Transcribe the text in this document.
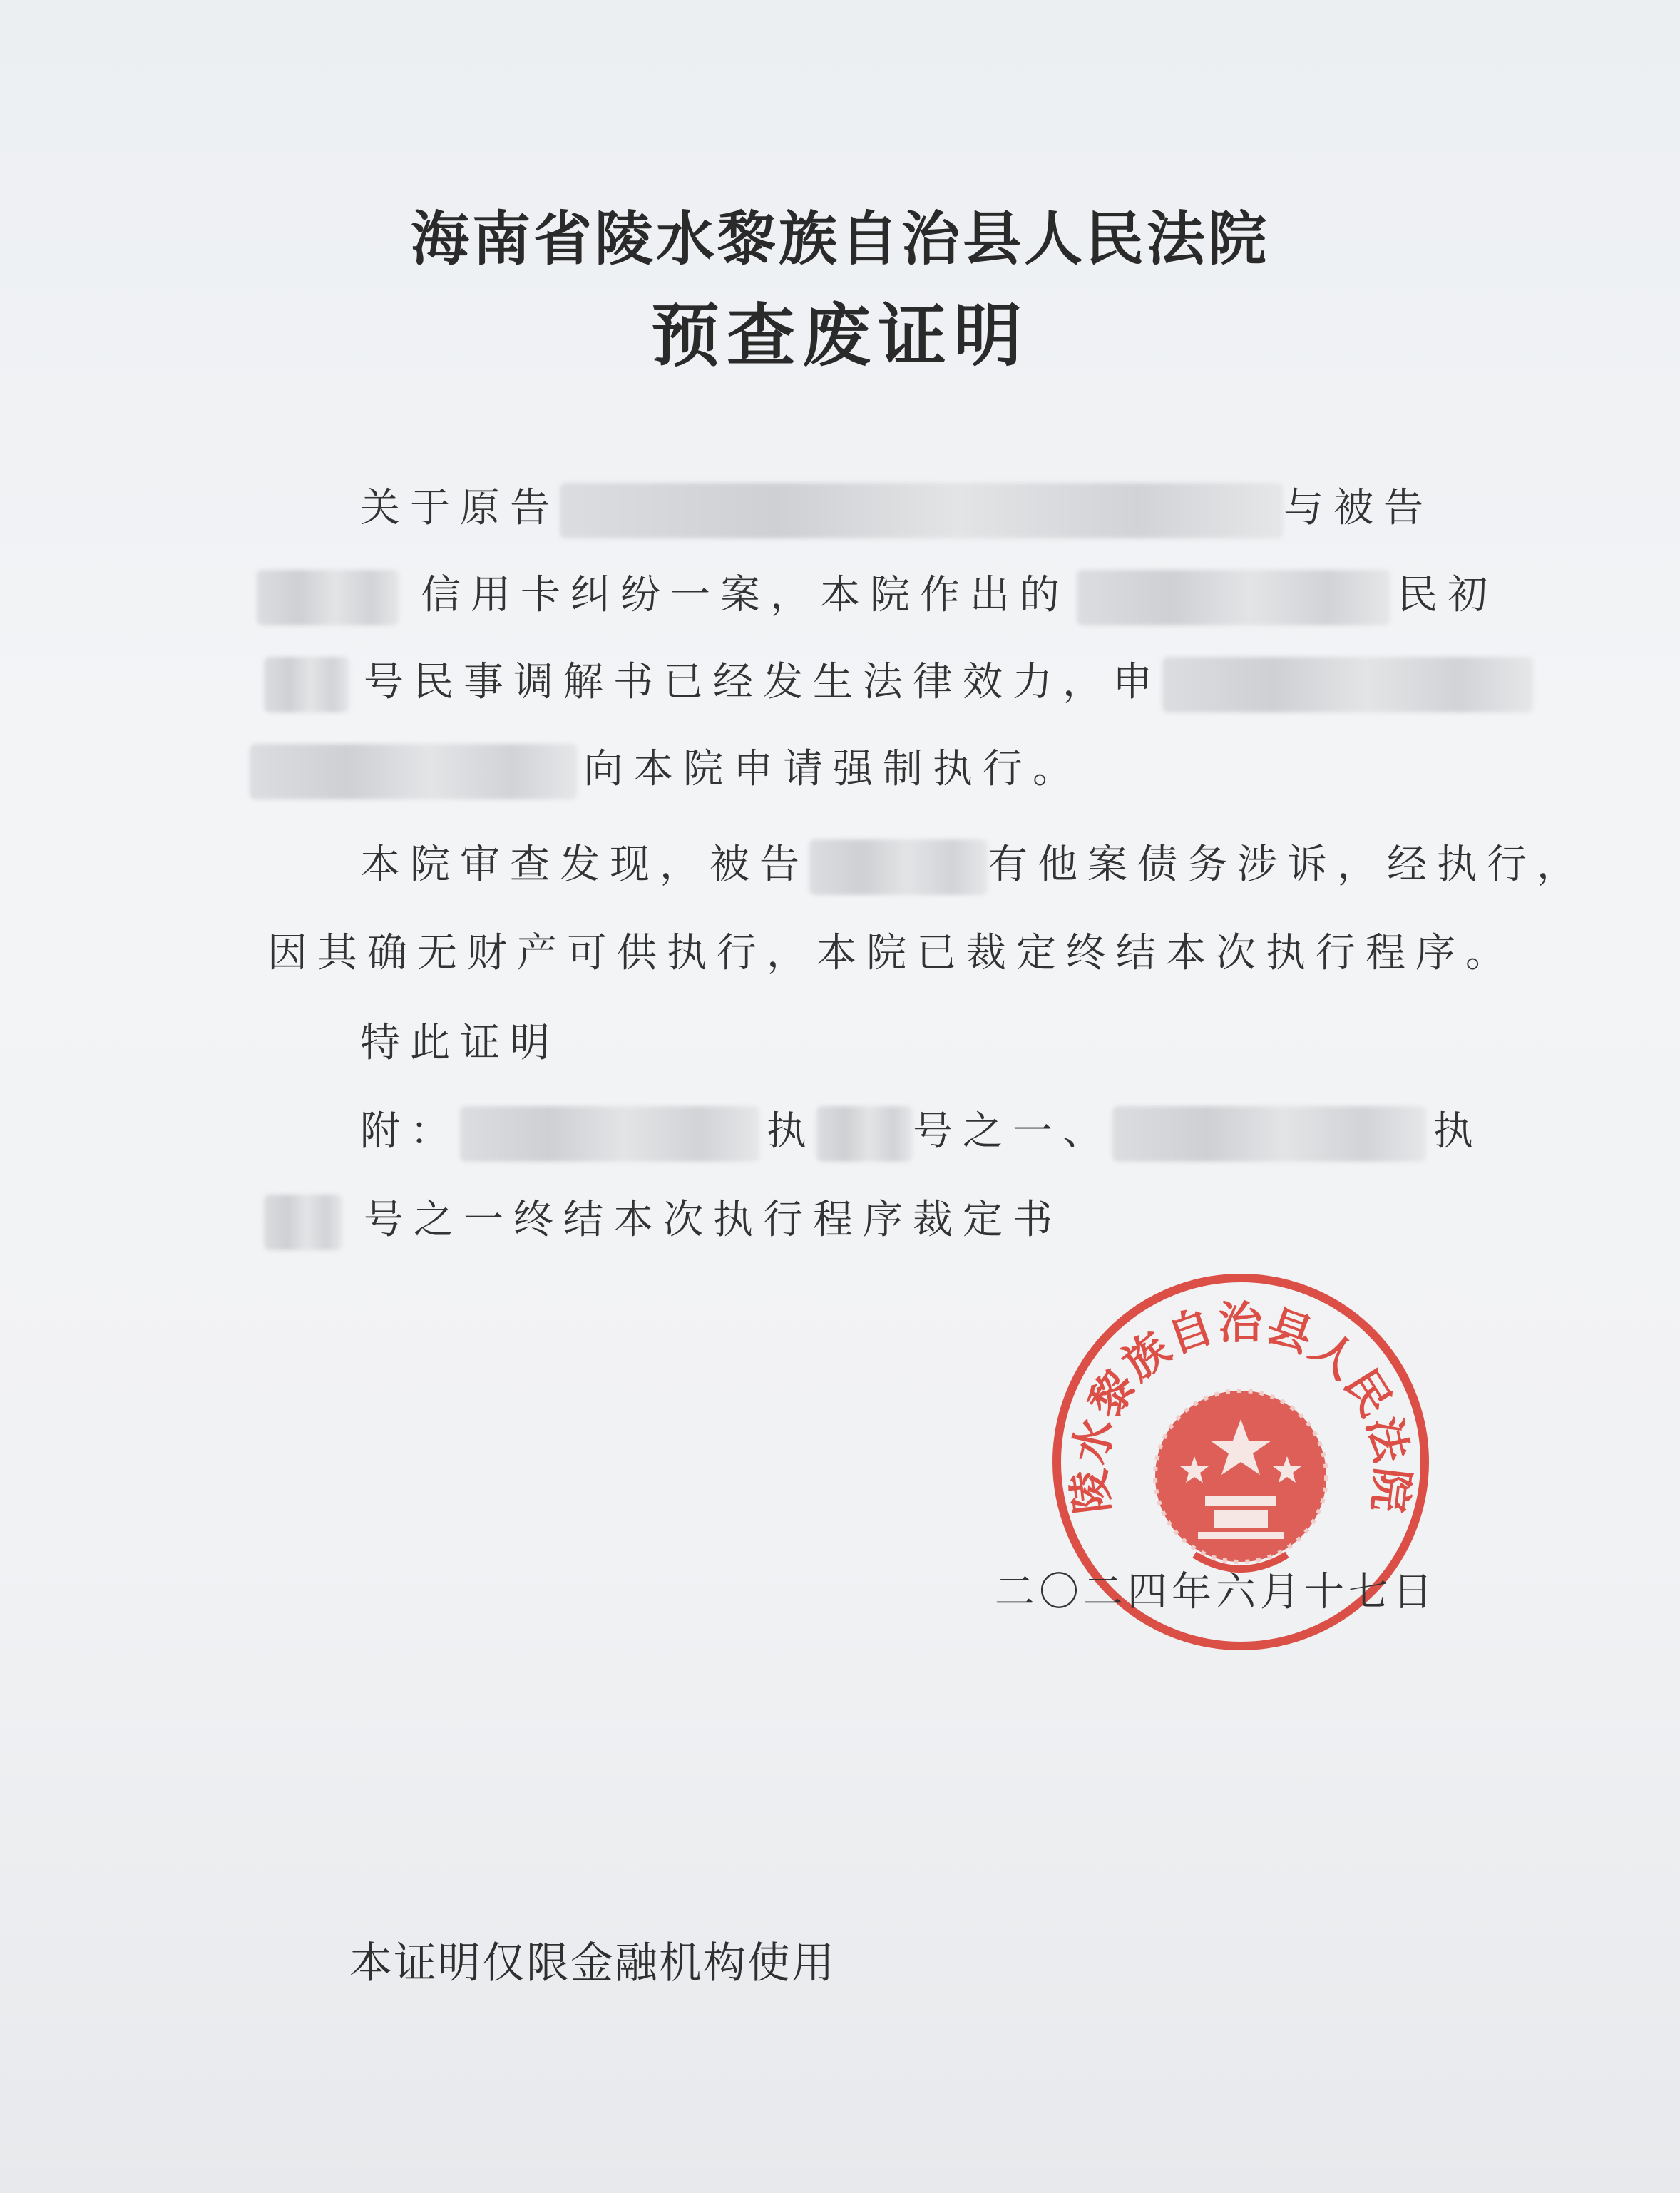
海南省陵水黎族自治县人民法院
预查废证明
关于原告	与被告
信用卡纠纷一案，本院作出的	民初
号民事调解书已经发生法律效力，申
向本院申请强制执行。
本院审查发现，被告	有他案债务涉诉，经执行，
因其确无财产可供执行，本院已裁定终结本次执行程序。
特此证明
附：	执 号之一、	执
号之一终结本次执行程序裁定书
陵水黎族自治县人民法院
二〇二四年六月十七日
本证明仅限金融机构使用
